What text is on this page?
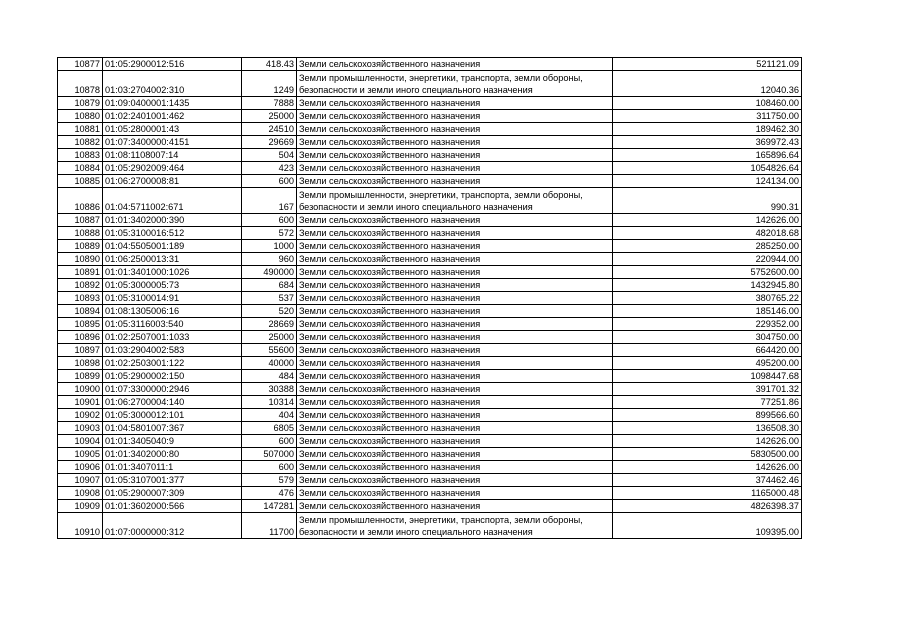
10877	01:05:2900012:516	418.43	Земли сельскохозяйственного назначения	521121.09
10878	01:03:2704002:310	1249	Земли промышленности, энергетики, транспорта, земли обороны, безопасности и земли иного специального назначения	12040.36
10879	01:09:0400001:1435	7888	Земли сельскохозяйственного назначения	108460.00
10880	01:02:2401001:462	25000	Земли сельскохозяйственного назначения	311750.00
10881	01:05:2800001:43	24510	Земли сельскохозяйственного назначения	189462.30
10882	01:07:3400000:4151	29669	Земли сельскохозяйственного назначения	369972.43
10883	01:08:1108007:14	504	Земли сельскохозяйственного назначения	165896.64
10884	01:05:2902009:464	423	Земли сельскохозяйственного назначения	1054826.64
10885	01:06:2700008:81	600	Земли сельскохозяйственного назначения	124134.00
10886	01:04:5711002:671	167	Земли промышленности, энергетики, транспорта, земли обороны, безопасности и земли иного специального назначения	990.31
10887	01:01:3402000:390	600	Земли сельскохозяйственного назначения	142626.00
10888	01:05:3100016:512	572	Земли сельскохозяйственного назначения	482018.68
10889	01:04:5505001:189	1000	Земли сельскохозяйственного назначения	285250.00
10890	01:06:2500013:31	960	Земли сельскохозяйственного назначения	220944.00
10891	01:01:3401000:1026	490000	Земли сельскохозяйственного назначения	5752600.00
10892	01:05:3000005:73	684	Земли сельскохозяйственного назначения	1432945.80
10893	01:05:3100014:91	537	Земли сельскохозяйственного назначения	380765.22
10894	01:08:1305006:16	520	Земли сельскохозяйственного назначения	185146.00
10895	01:05:3116003:540	28669	Земли сельскохозяйственного назначения	229352.00
10896	01:02:2507001:1033	25000	Земли сельскохозяйственного назначения	304750.00
10897	01:03:2904002:583	55600	Земли сельскохозяйственного назначения	664420.00
10898	01:02:2503001:122	40000	Земли сельскохозяйственного назначения	495200.00
10899	01:05:2900002:150	484	Земли сельскохозяйственного назначения	1098447.68
10900	01:07:3300000:2946	30388	Земли сельскохозяйственного назначения	391701.32
10901	01:06:2700004:140	10314	Земли сельскохозяйственного назначения	77251.86
10902	01:05:3000012:101	404	Земли сельскохозяйственного назначения	899566.60
10903	01:04:5801007:367	6805	Земли сельскохозяйственного назначения	136508.30
10904	01:01:3405040:9	600	Земли сельскохозяйственного назначения	142626.00
10905	01:01:3402000:80	507000	Земли сельскохозяйственного назначения	5830500.00
10906	01:01:3407011:1	600	Земли сельскохозяйственного назначения	142626.00
10907	01:05:3107001:377	579	Земли сельскохозяйственного назначения	374462.46
10908	01:05:2900007:309	476	Земли сельскохозяйственного назначения	1165000.48
10909	01:01:3602000:566	147281	Земли сельскохозяйственного назначения	4826398.37
10910	01:07:0000000:312	11700	Земли промышленности, энергетики, транспорта, земли обороны, безопасности и земли иного специального назначения	109395.00
